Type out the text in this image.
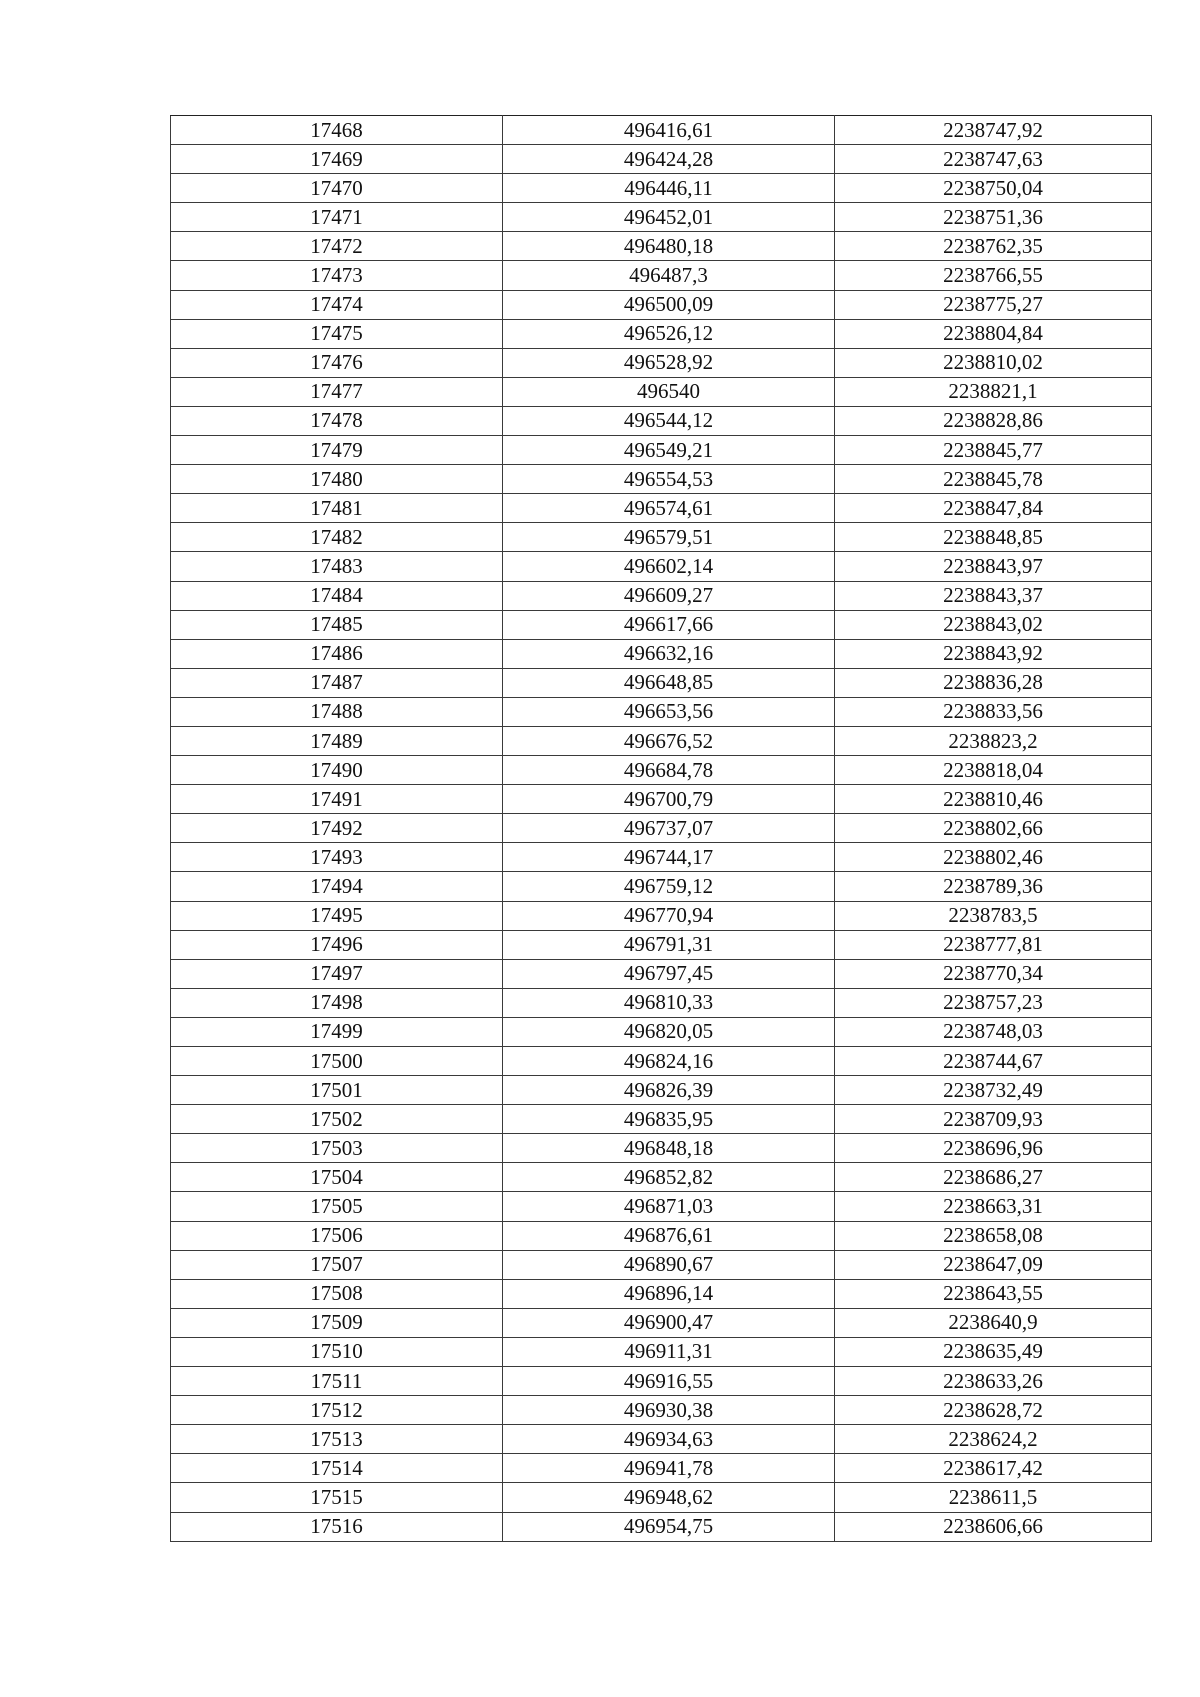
17468	496416,61	2238747,92
17469	496424,28	2238747,63
17470	496446,11	2238750,04
17471	496452,01	2238751,36
17472	496480,18	2238762,35
17473	496487,3	2238766,55
17474	496500,09	2238775,27
17475	496526,12	2238804,84
17476	496528,92	2238810,02
17477	496540	2238821,1
17478	496544,12	2238828,86
17479	496549,21	2238845,77
17480	496554,53	2238845,78
17481	496574,61	2238847,84
17482	496579,51	2238848,85
17483	496602,14	2238843,97
17484	496609,27	2238843,37
17485	496617,66	2238843,02
17486	496632,16	2238843,92
17487	496648,85	2238836,28
17488	496653,56	2238833,56
17489	496676,52	2238823,2
17490	496684,78	2238818,04
17491	496700,79	2238810,46
17492	496737,07	2238802,66
17493	496744,17	2238802,46
17494	496759,12	2238789,36
17495	496770,94	2238783,5
17496	496791,31	2238777,81
17497	496797,45	2238770,34
17498	496810,33	2238757,23
17499	496820,05	2238748,03
17500	496824,16	2238744,67
17501	496826,39	2238732,49
17502	496835,95	2238709,93
17503	496848,18	2238696,96
17504	496852,82	2238686,27
17505	496871,03	2238663,31
17506	496876,61	2238658,08
17507	496890,67	2238647,09
17508	496896,14	2238643,55
17509	496900,47	2238640,9
17510	496911,31	2238635,49
17511	496916,55	2238633,26
17512	496930,38	2238628,72
17513	496934,63	2238624,2
17514	496941,78	2238617,42
17515	496948,62	2238611,5
17516	496954,75	2238606,66
